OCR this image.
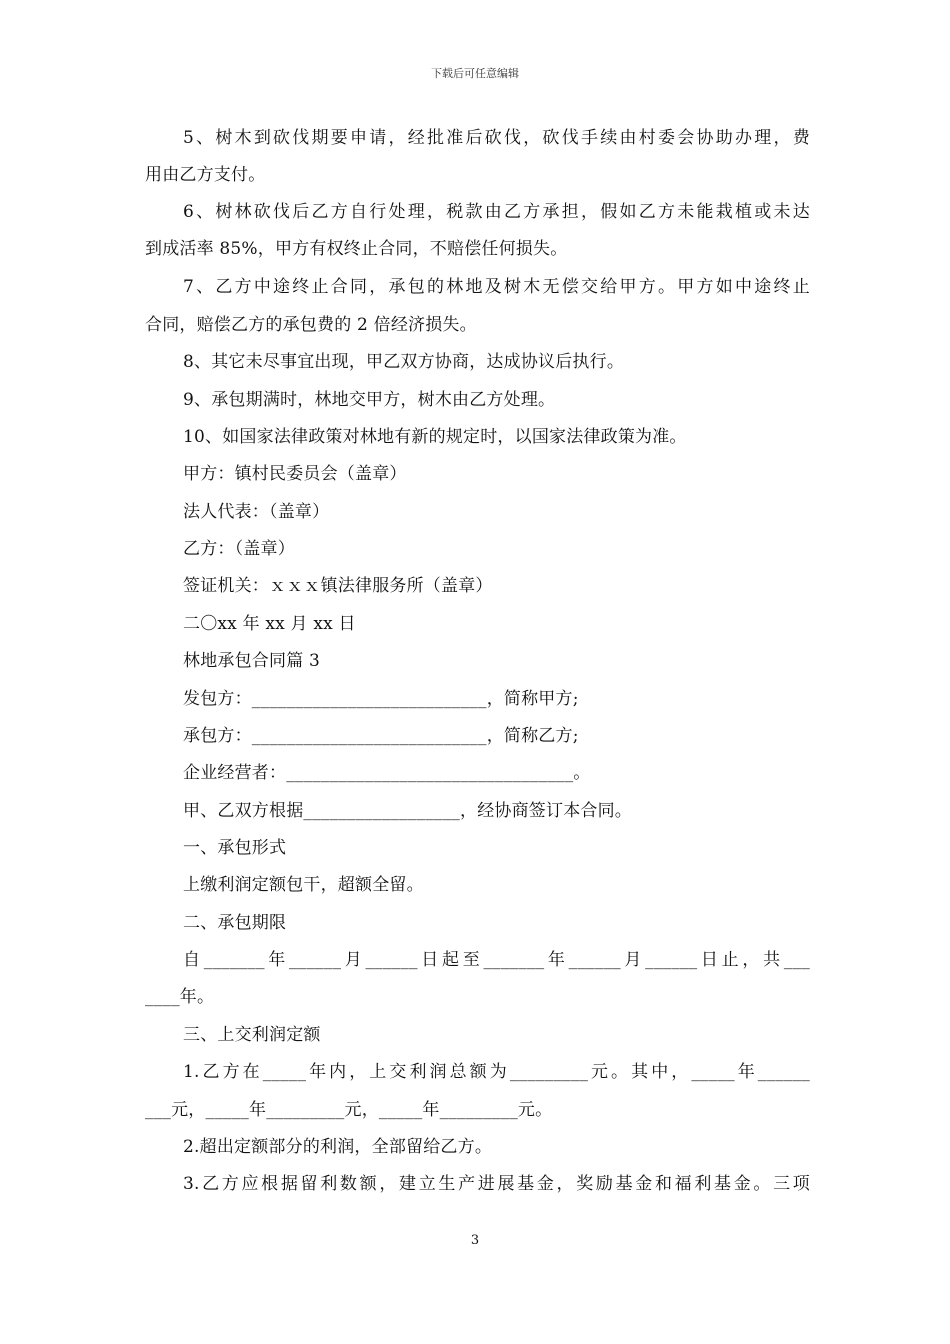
下载后可任意编辑
5、树木到砍伐期要申请，经批准后砍伐，砍伐手续由村委会协助办理，费
用由乙方支付。
6、树林砍伐后乙方自行处理，税款由乙方承担，假如乙方未能栽植或未达
到成活率 85%，甲方有权终止合同，不赔偿任何损失。
7、乙方中途终止合同，承包的林地及树木无偿交给甲方。甲方如中途终止
合同，赔偿乙方的承包费的 2 倍经济损失。
8、其它未尽事宜出现，甲乙双方协商，达成协议后执行。
9、承包期满时，林地交甲方，树木由乙方处理。
10、如国家法律政策对林地有新的规定时，以国家法律政策为准。
甲方：镇村民委员会（盖章）
法人代表：（盖章）
乙方：（盖章）
签证机关：ｘｘｘ镇法律服务所（盖章）
二〇xx 年 xx 月 xx 日
林地承包合同篇 3
发包方：___________________________，简称甲方;
承包方：___________________________，简称乙方;
企业经营者：_________________________________。
甲、乙双方根据__________________，经协商签订本合同。
一、承包形式
上缴利润定额包干，超额全留。
二、承包期限
自_______年______月______日起至_______年______月______日止，共___
____年。
三、上交利润定额
1.乙方在_____年内，上交利润总额为_________元。其中，_____年______
___元，_____年_________元，_____年_________元。
2.超出定额部分的利润，全部留给乙方。
3.乙方应根据留利数额，建立生产进展基金，奖励基金和福利基金。三项
3
